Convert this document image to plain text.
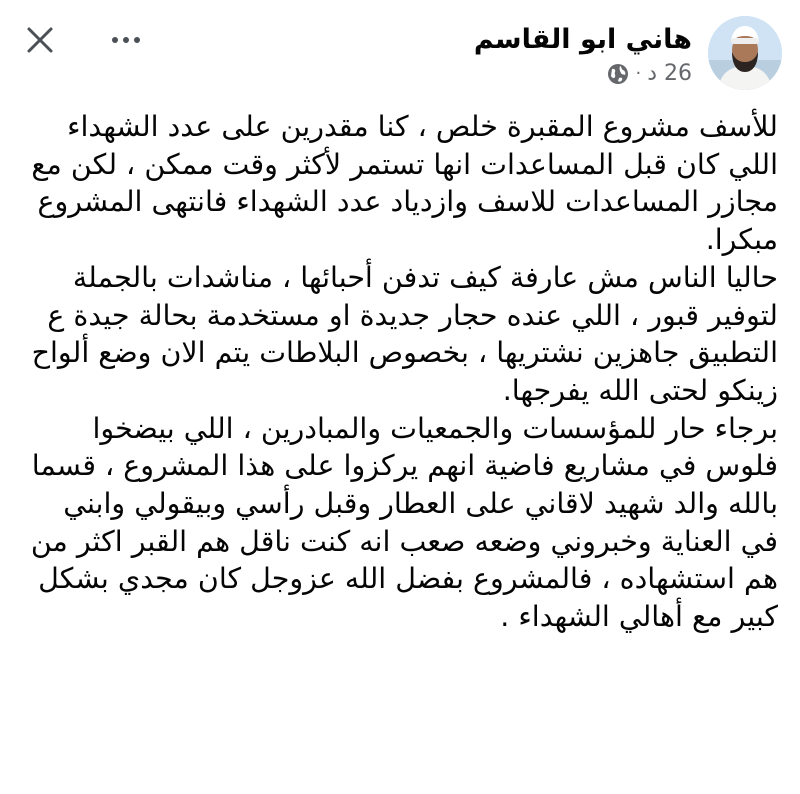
هاني ابو القاسم
26 د
·

للأسف مشروع المقبرة خلص ، كنا مقدرين على عدد الشهداء اللي كان قبل المساعدات انها تستمر لأكثر وقت ممكن ، لكن مع مجازر المساعدات للاسف وازدياد عدد الشهداء فانتهى المشروع مبكرا.

حاليا الناس مش عارفة كيف تدفن أحبائها ، مناشدات بالجملة لتوفير قبور ، اللي عنده حجار جديدة او مستخدمة بحالة جيدة ع التطبيق جاهزين نشتريها ، بخصوص البلاطات يتم الان وضع ألواح زينكو لحتى الله يفرجها.

برجاء حار للمؤسسات والجمعيات والمبادرين ، اللي بيضخوا فلوس في مشاريع فاضية انهم يركزوا على هذا المشروع ، قسما بالله والد شهيد لاقاني على العطار وقبل رأسي وبيقولي وابني في العناية وخبروني وضعه صعب انه كنت ناقل هم القبر اكثر من هم استشهاده ، فالمشروع بفضل الله عزوجل كان مجدي بشكل كبير مع أهالي الشهداء .
